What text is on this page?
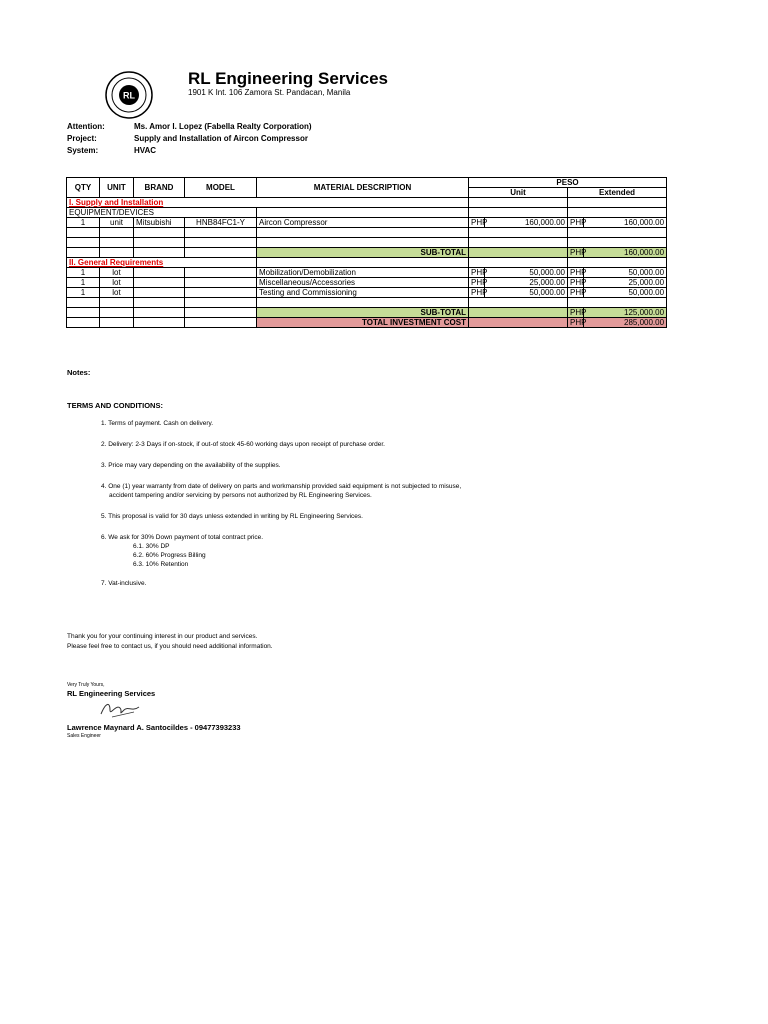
RL
RL Engineering Services
1901 K Int. 106 Zamora St. Pandacan, Manila
Attention:	Ms. Amor I. Lopez (Fabella Realty Corporation)
Project:	Supply and Installation of Aircon Compressor
System:	HVAC
QTY	UNIT	BRAND	MODEL	MATERIAL DESCRIPTION	PESO			
					Unit		Extended	
I. Supply and Installation								
EQUIPMENT/DEVICES								
1	unit	Mitsubishi	HNB84FC1-Y	Aircon Compressor	PHP	160,000.00	PHP	160,000.00

				SUB-TOTAL			PHP	160,000.00
II. General Requirements								
1	lot			Mobilization/Demobilization	PHP	50,000.00	PHP	50,000.00
1	lot			Miscellaneous/Accessories	PHP	25,000.00	PHP	25,000.00
1	lot			Testing and Commissioning	PHP	50,000.00	PHP	50,000.00

				SUB-TOTAL			PHP	125,000.00
				TOTAL INVESTMENT COST			PHP	285,000.00
Notes:
TERMS AND CONDITIONS:

1. Terms of payment. Cash on delivery.

2. Delivery: 2-3 Days if on-stock, if out-of stock 45-60 working days upon receipt of purchase order.

3. Price may vary depending on the availability of the supplies.

4. One (1) year warranty from date of delivery on parts and workmanship provided said equipment is not subjected to misuse,
accident tampering and/or servicing by persons not authorized by RL Engineering Services.

5. This proposal is valid for 30 days unless extended in writing by RL Engineering Services.

6. We ask for 30% Down payment of total contract price.

6.1. 30% DP

6.2. 60% Progress Billing

6.3. 10% Retention

7. Vat-inclusive.

Thank you for your continuing interest in our product and services.
Please feel free to contact us, if you should need additional information.
Very Truly Yours,
RL Engineering Services
Lawrence Maynard A. Santocildes - 09477393233
Sales Engineer
